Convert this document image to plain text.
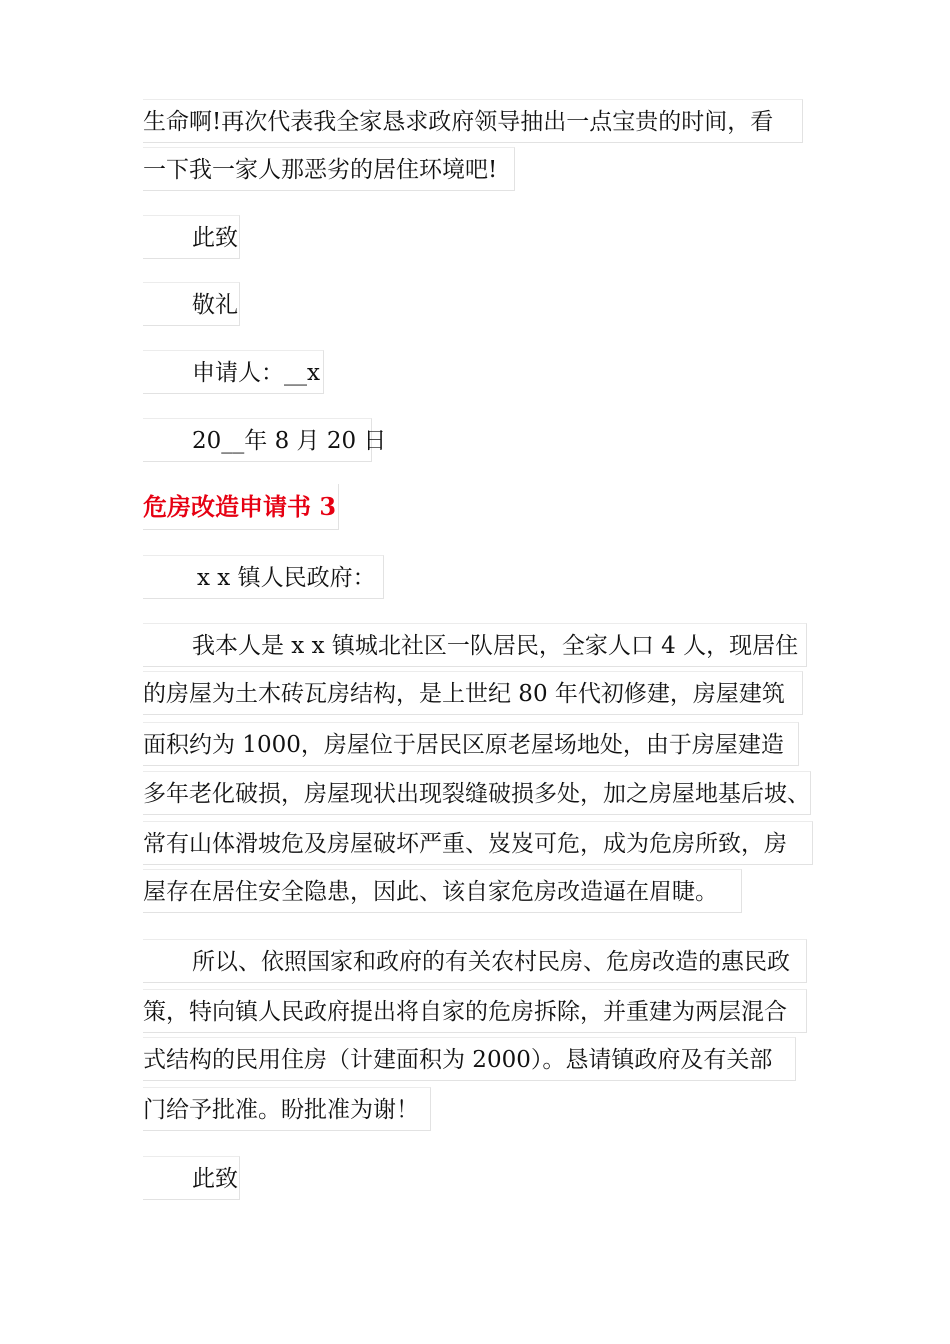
生命啊!再次代表我全家恳求政府领导抽出一点宝贵的时间，看
一下我一家人那恶劣的居住环境吧!
此致
敬礼
申请人：__x
20__年 8 月 20 日
危房改造申请书 3
x x 镇人民政府：
我本人是 x x 镇城北社区一队居民，全家人口 4 人，现居住
的房屋为土木砖瓦房结构，是上世纪 80 年代初修建，房屋建筑
面积约为 1000，房屋位于居民区原老屋场地处，由于房屋建造
多年老化破损，房屋现状出现裂缝破损多处，加之房屋地基后坡、
常有山体滑坡危及房屋破坏严重、岌岌可危，成为危房所致，房
屋存在居住安全隐患，因此、该自家危房改造逼在眉睫。
所以、依照国家和政府的有关农村民房、危房改造的惠民政
策，特向镇人民政府提出将自家的危房拆除，并重建为两层混合
式结构的民用住房（计建面积为 2000）。恳请镇政府及有关部
门给予批准。盼批准为谢！
此致
